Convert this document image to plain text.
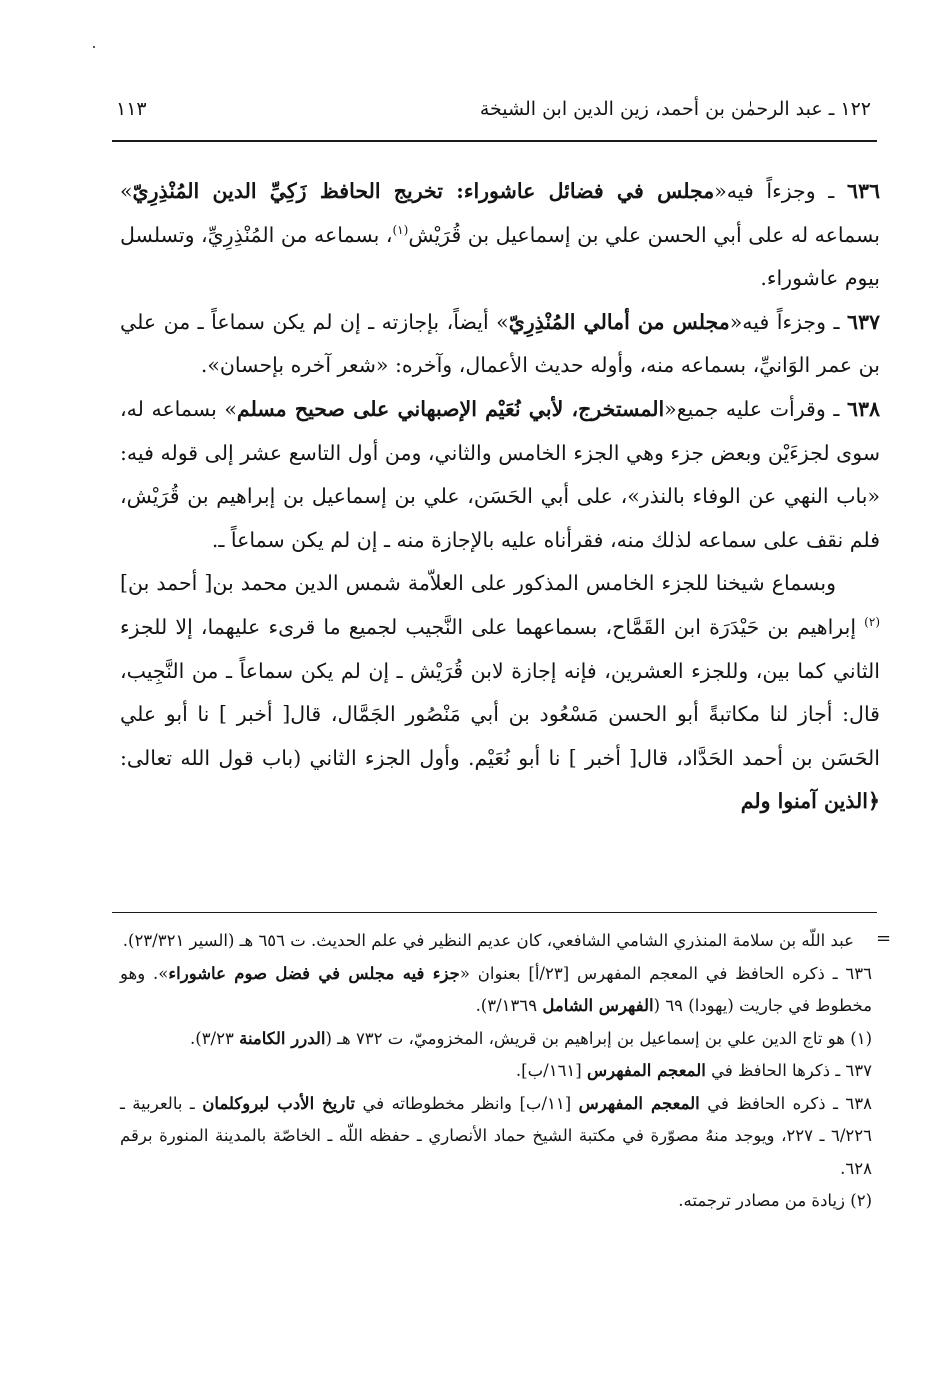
١٢٢ ـ عبد الرحمٰن بن أحمد، زين الدين ابن الشيخة
١١٣

٦٣٦ ـ وجزءاً فيه«مجلس في فضائل عاشوراء: تخريج الحافظ زَكِيِّ الدين المُنْذِرِيّ» بسماعه له على أبي الحسن علي بن إسماعيل بن قُرَيْش$^{(١)}$، بسماعه من المُنْذِرِيِّ، وتسلسل بيوم عاشوراء.

٦٣٧ ـ وجزءاً فيه«مجلس من أمالي المُنْذِرِيّ» أيضاً، بإجازته ـ إن لم يكن سماعاً ـ من علي بن عمر الوَانيِّ، بسماعه منه، وأوله حديث الأعمال، وآخره: «شعر آخره بإحسان».

٦٣٨ ـ وقرأت عليه جميع«المستخرج، لأبي نُعَيْم الإصبهاني على صحيح مسلم» بسماعه له، سوى لجزءَيْن وبعض جزء وهي الجزء الخامس والثاني، ومن أول التاسع عشر إلى قوله فيه: «باب النهي عن الوفاء بالنذر»، على أبي الحَسَن، علي بن إسماعيل بن إبراهيم بن قُرَيْش، فلم نقف على سماعه لذلك منه، فقرأناه عليه بالإجازة منه ـ إن لم يكن سماعاً ـ.

وبسماع شيخنا للجزء الخامس المذكور على العلاّمة شمس الدين محمد بن[ أحمد بن]$^{(٢)}$ إبراهيم بن حَيْدَرَة ابن القَمَّاح، بسماعهما على النَّجيب لجميع ما قرىء عليهما، إلا للجزء الثاني كما بين، وللجزء العشرين، فإنه إجازة لابن قُرَيْش ـ إن لم يكن سماعاً ـ من النَّجِيب، قال: أجاز لنا مكاتبةً أبو الحسن مَسْعُود بن أبي مَنْصُور الجَمَّال، قال[ أخبر ] نا أبو علي الحَسَن بن أحمد الحَدَّاد، قال[ أخبر ] نا أبو نُعَيْم. وأول الجزء الثاني (باب قول الله تعالى: ﴿الذين آمنوا ولم

=

عبد اللّه بن سلامة المنذري الشامي الشافعي، كان عديم النظير في علم الحديث. ت ٦٥٦ هـ (السير ٢٣/٣٢١).

٦٣٦ ـ ذكره الحافظ في المعجم المفهرس [٢٣/أ] بعنوان «جزء فيه مجلس في فضل صوم عاشوراء». وهو مخطوط في جاريت (يهودا) ٦٩ (الفهرس الشامل ٣/١٣٦٩).

(١) هو تاج الدين علي بن إسماعيل بن إبراهيم بن قريش، المخزوميّ، ت ٧٣٢ هـ (الدرر الكامنة ٣/٢٣).

٦٣٧ ـ ذكرها الحافظ في المعجم المفهرس [١٦١/ب].

٦٣٨ ـ ذكره الحافظ في المعجم المفهرس [١١/ب] وانظر مخطوطاته في تاريخ الأدب لبروكلمان ـ بالعربية ـ ٦/٢٢٦ ـ ٢٢٧، ويوجد منهُ مصوّرة في مكتبة الشيخ حماد الأنصاري ـ حفظه اللّه ـ الخاصّة بالمدينة المنورة برقم ٦٢٨.

(٢) زيادة من مصادر ترجمته.
